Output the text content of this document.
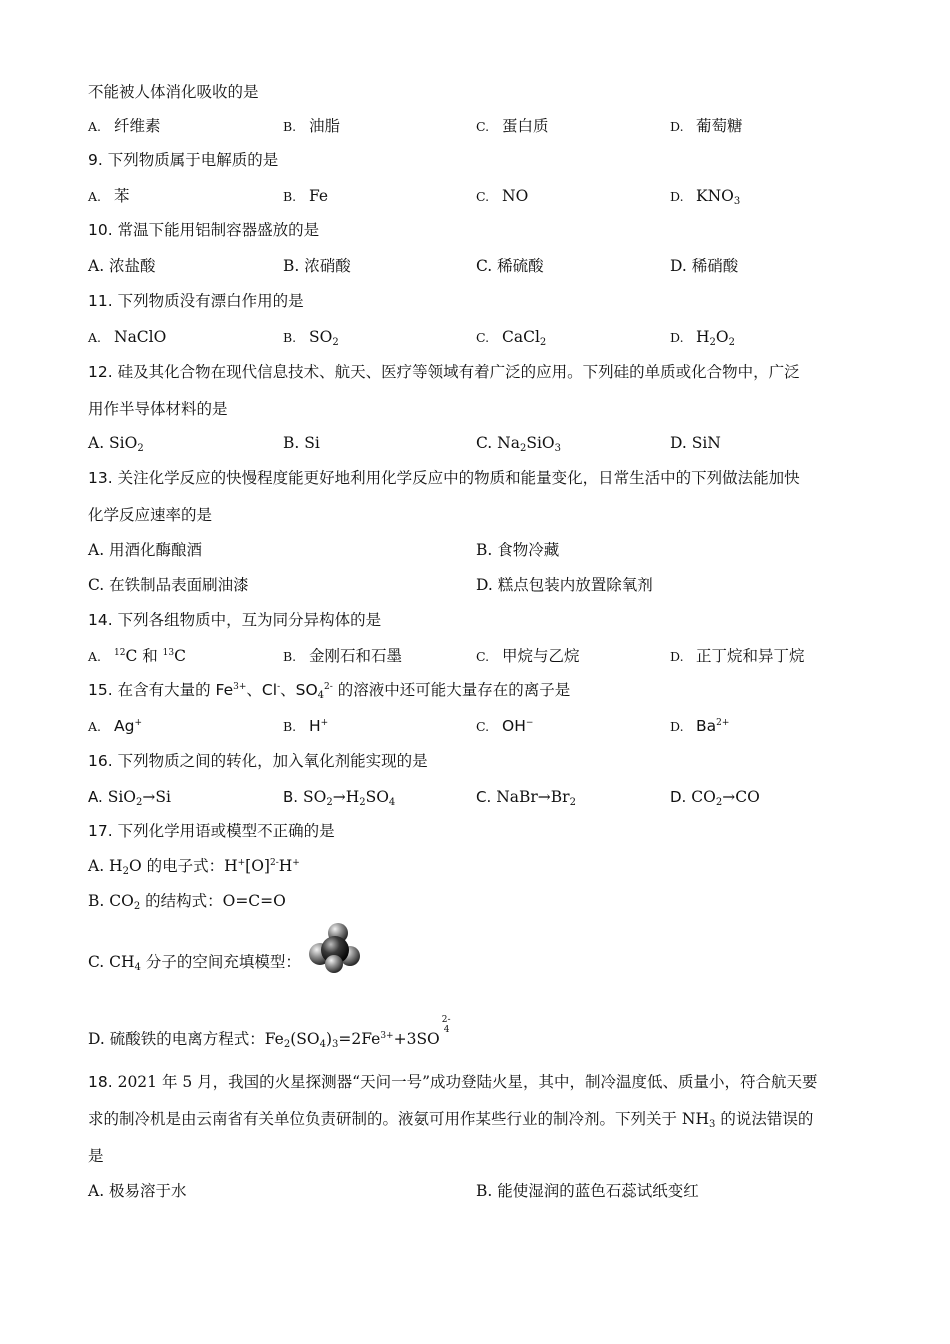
不能被人体消化吸收的是
A. 纤维素	B. 油脂	C. 蛋白质	D. 葡萄糖
9. 下列物质属于电解质的是
A. 苯	B. Fe	C. NO	D. $KNO_3$
10. 常温下能用铝制容器盛放的是
A. 浓盐酸	B. 浓硝酸	C. 稀硫酸	D. 稀硝酸
11. 下列物质没有漂白作用的是
A. NaClO	B. $SO_2$	C. CaCl$_2$	D. $H_2O_2$
12. 硅及其化合物在现代信息技术、航天、医疗等领域有着广泛的应用。下列硅的单质或化合物中，广泛
用作半导体材料的是
A. SiO$_2$	B. Si	C. $Na_2SiO_3$	D. SiN
13. 关注化学反应的快慢程度能更好地利用化学反应中的物质和能量变化，日常生活中的下列做法能加快
化学反应速率的是
A. 用酒化酶酿酒	B. 食物冷藏
C. 在铁制品表面刷油漆	D. 糕点包装内放置除氧剂
14. 下列各组物质中，互为同分异构体的是
A. $^{12}$C 和 $^{13}$C	B. 金刚石和石墨	C. 甲烷与乙烷	D. 正丁烷和异丁烷
15. 在含有大量的 $Fe^{3+}$、Cl-、$SO_4^{2-}$ 的溶液中还可能大量存在的离子是
A. Ag+	B. H+	C. OH−	D. $Ba^{2+}$
16. 下列物质之间的转化，加入氧化剂能实现的是
A. SiO$_2$→Si	B. $SO_2\to H_2SO_4$	C. $NaBr\to Br_2$	D. $CO_2\to CO$
17. 下列化学用语或模型不正确的是
A. $H_2O$ 的电子式：$H^+[O]^{2-}H^+$
B. $CO_2$ 的结构式：O=C=O
C. $CH_4$ 分子的空间充填模型：
D. 硫酸铁的电离方程式：$Fe_2(SO_4)_3=2Fe^{3+}+3SO$
2-
4
18. 2021 年 5 月，我国的火星探测器“天问一号”成功登陆火星，其中，制冷温度低、质量小，符合航天要
求的制冷机是由云南省有关单位负责研制的。液氨可用作某些行业的制冷剂。下列关于 $NH_3$ 的说法错误的
是
A. 极易溶于水	B. 能使湿润的蓝色石蕊试纸变红
